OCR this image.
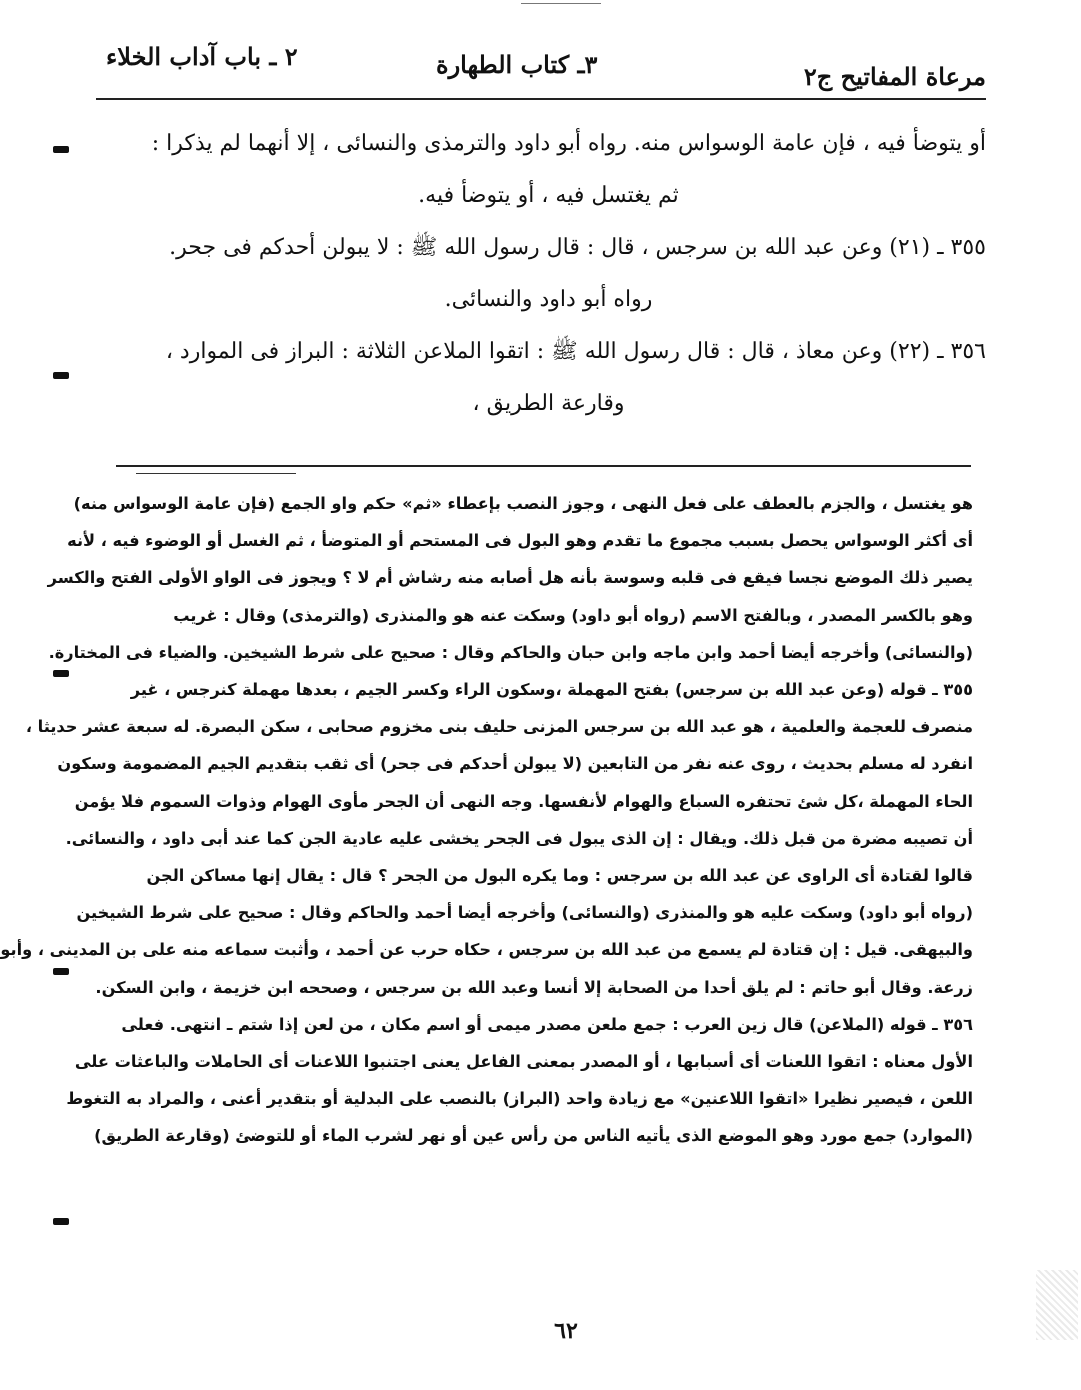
مرعاة المفاتيح ج٢
٣ـ كتاب الطهارة
٢ ـ باب آداب الخلاء
أو يتوضأ فيه ، فإن عامة الوسواس منه. رواه أبو داود والترمذى والنسائى ، إلا أنهما لم يذكرا :
ثم يغتسل فيه ، أو يتوضأ فيه.
٣٥٥ ـ (٢١) وعن عبد الله بن سرجس ، قال : قال رسول الله ﷺ : لا يبولن أحدكم فى جحر.
رواه أبو داود والنسائى.
٣٥٦ ـ (٢٢) وعن معاذ ، قال : قال رسول الله ﷺ : اتقوا الملاعن الثلاثة : البراز فى الموارد ،
وقارعة الطريق ،
هو يغتسل ، والجزم بالعطف على فعل النهى ، وجوز النصب بإعطاء «ثم» حكم واو الجمع (فإن عامة الوسواس منه)
أى أكثر الوسواس يحصل بسبب مجموع ما تقدم وهو البول فى المستحم أو المتوضأ ، ثم الغسل أو الوضوء فيه ، لأنه
يصير ذلك الموضع نجسا فيقع فى قلبه وسوسة بأنه هل أصابه منه رشاش أم لا ؟ ويجوز فى الواو الأولى الفتح والكسر
وهو بالكسر المصدر ، وبالفتح الاسم (رواه أبو داود) وسكت عنه هو والمنذرى (والترمذى) وقال : غريب
(والنسائى) وأخرجه أيضا أحمد وابن ماجه وابن حبان والحاكم وقال : صحيح على شرط الشيخين. والضياء فى المختارة.
٣٥٥ ـ قوله (وعن عبد الله بن سرجس) بفتح المهملة ،وسكون الراء وكسر الجيم ، بعدها مهملة كنرجس ، غير
منصرف للعجمة والعلمية ، هو عبد الله بن سرجس المزنى حليف بنى مخزوم صحابى ، سكن البصرة. له سبعة عشر حديثا ،
انفرد له مسلم بحديث ، روى عنه نفر من التابعين (لا يبولن أحدكم فى جحر) أى ثقب بتقديم الجيم المضمومة وسكون
الحاء المهملة ،كل شئ تحتفره السباع والهوام لأنفسها. وجه النهى أن الجحر مأوى الهوام وذوات السموم فلا يؤمن
أن تصيبه مضرة من قبل ذلك. ويقال : إن الذى يبول فى الجحر يخشى عليه عادية الجن كما عند أبى داود ، والنسائى.
قالوا لقتادة أى الراوى عن عبد الله بن سرجس : وما يكره البول من الجحر ؟ قال : يقال إنها مساكن الجن
(رواه أبو داود) وسكت عليه هو والمنذرى (والنسائى) وأخرجه أيضا أحمد والحاكم وقال : صحيح على شرط الشيخين
والبيهقى. قيل : إن قتادة لم يسمع من عبد الله بن سرجس ، حكاه حرب عن أحمد ، وأثبت سماعه منه على بن المدينى ، وأبو
زرعة. وقال أبو حاتم : لم يلق أحدا من الصحابة إلا أنسا وعبد الله بن سرجس ، وصححه ابن خزيمة ، وابن السكن.
٣٥٦ ـ قوله (الملاعن) قال زين العرب : جمع ملعن مصدر ميمى أو اسم مكان ، من لعن إذا شتم ـ انتهى. فعلى
الأول معناه : اتقوا اللعنات أى أسبابها ، أو المصدر بمعنى الفاعل يعنى اجتنبوا اللاعنات أى الحاملات والباعثات على
اللعن ، فيصير نظيرا «اتقوا اللاعنين» مع زيادة واحد (البراز) بالنصب على البدلية أو بتقدير أعنى ، والمراد به التغوط
(الموارد) جمع مورد وهو الموضع الذى يأتيه الناس من رأس عين أو نهر لشرب الماء أو للتوضئ (وقارعة الطريق)
٦٢
